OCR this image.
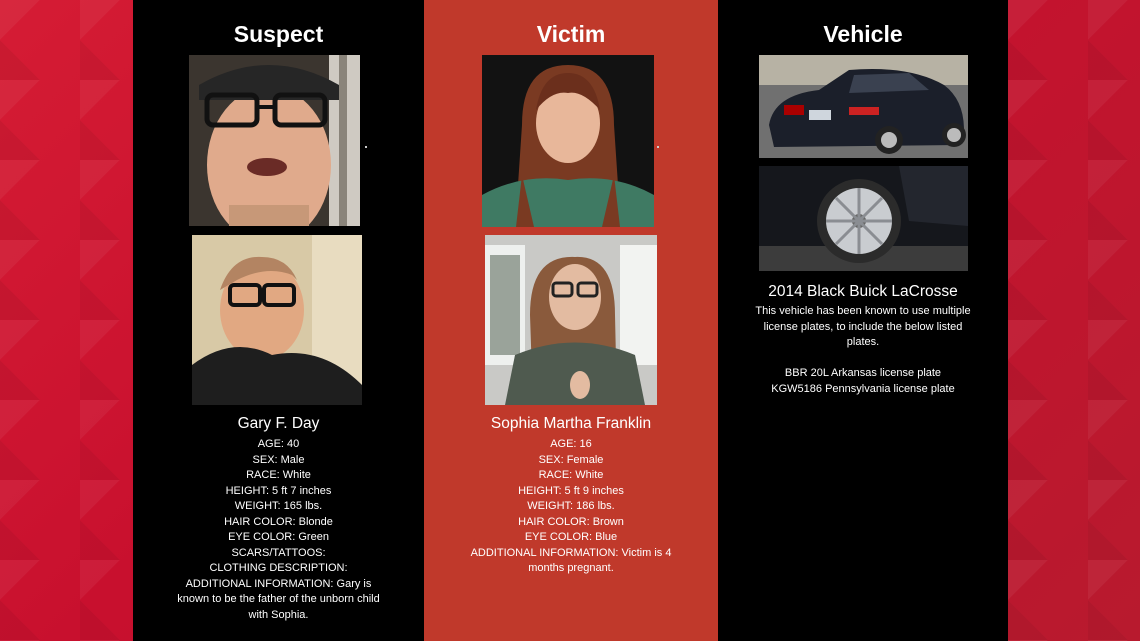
Suspect
Gary F. Day
AGE: 40
SEX: Male
RACE: White
HEIGHT: 5 ft 7 inches
WEIGHT: 165 lbs.
HAIR COLOR: Blonde
EYE COLOR: Green
SCARS/TATTOOS:
CLOTHING DESCRIPTION:
ADDITIONAL INFORMATION: Gary is known to be the father of the unborn child with Sophia.
Victim
Sophia Martha Franklin
AGE: 16
SEX: Female
RACE: White
HEIGHT: 5 ft 9 inches
WEIGHT: 186 lbs.
HAIR COLOR: Brown
EYE COLOR: Blue
ADDITIONAL INFORMATION: Victim is 4 months pregnant.
Vehicle
2014 Black Buick LaCrosse
This vehicle has been known to use multiple license plates, to include the below listed plates.
BBR 20L Arkansas license plate
KGW5186 Pennsylvania license plate
